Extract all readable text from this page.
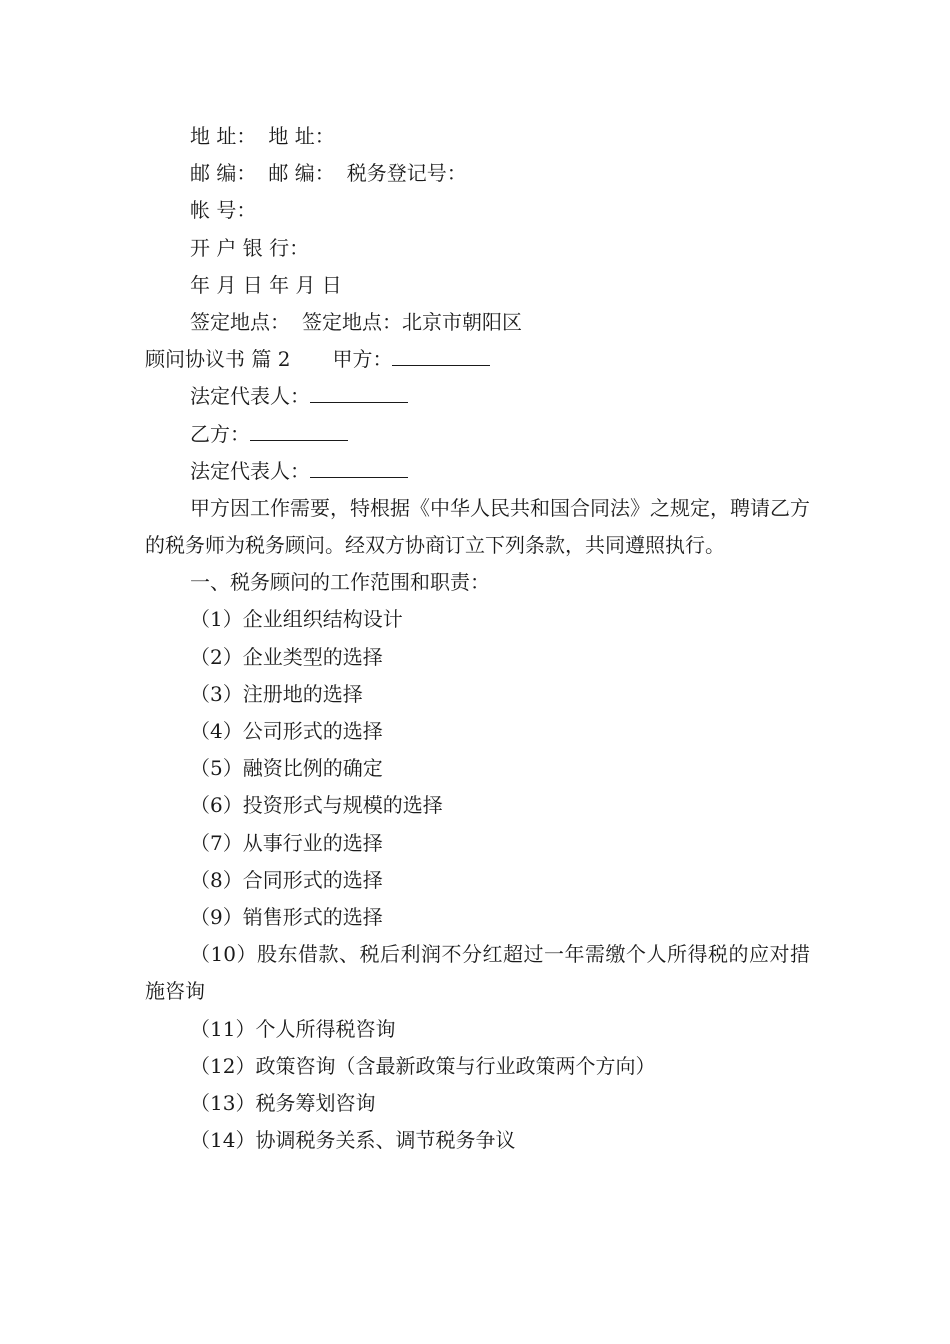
地 址： 地 址：
邮 编： 邮 编： 税务登记号：
帐 号：
开 户 银 行：
年 月 日 年 月 日
签定地点： 签定地点：北京市朝阳区
顾问协议书 篇 2 甲方：
法定代表人：
乙方：
法定代表人：
甲方因工作需要，特根据《中华人民共和国合同法》之规定，聘请乙方的税务师为税务顾问。经双方协商订立下列条款，共同遵照执行。
一、税务顾问的工作范围和职责：
（1）企业组织结构设计
（2）企业类型的选择
（3）注册地的选择
（4）公司形式的选择
（5）融资比例的确定
（6）投资形式与规模的选择
（7）从事行业的选择
（8）合同形式的选择
（9）销售形式的选择
（10）股东借款、税后利润不分红超过一年需缴个人所得税的应对措施咨询
（11）个人所得税咨询
（12）政策咨询（含最新政策与行业政策两个方向）
（13）税务筹划咨询
（14）协调税务关系、调节税务争议
